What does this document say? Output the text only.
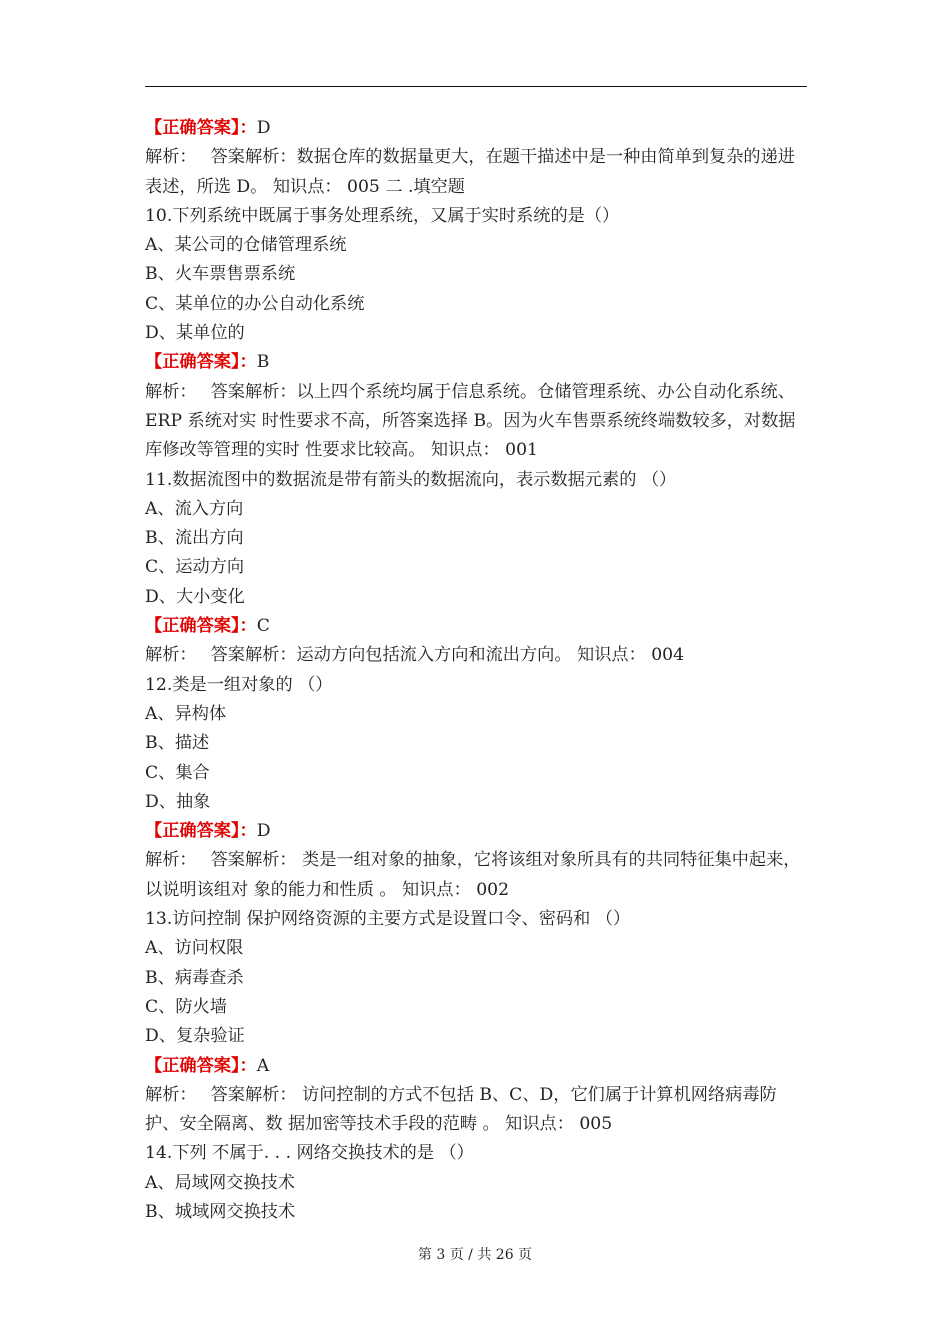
【正确答案】：D
解析：　 答案解析：数据仓库的数据量更大，在题干描述中是一种由简单到复杂的递进表述，所选 D。 知识点： 005 二 .填空题
10.下列系统中既属于事务处理系统，又属于实时系统的是（）
A、某公司的仓储管理系统
B、火车票售票系统
C、某单位的办公自动化系统
D、某单位的
【正确答案】：B
解析：　 答案解析：以上四个系统均属于信息系统。仓储管理系统、办公自动化系统、 ERP 系统对实 时性要求不高，所答案选择 B。因为火车售票系统终端数较多，对数据库修改等管理的实时 性要求比较高。 知识点： 001
11.数据流图中的数据流是带有箭头的数据流向，表示数据元素的 （）
A、流入方向
B、流出方向
C、运动方向
D、大小变化
【正确答案】：C
解析：　 答案解析：运动方向包括流入方向和流出方向。 知识点： 004
12.类是一组对象的 （）
A、异构体
B、描述
C、集合
D、抽象
【正确答案】：D
解析：　 答案解析： 类是一组对象的抽象，它将该组对象所具有的共同特征集中起来，以说明该组对 象的能力和性质 。 知识点： 002
13.访问控制 保护网络资源的主要方式是设置口令、密码和 （）
A、访问权限
B、病毒查杀
C、防火墙
D、复杂验证
【正确答案】：A
解析：　 答案解析： 访问控制的方式不包括 B、C、D，它们属于计算机网络病毒防护、安全隔离、数 据加密等技术手段的范畴 。 知识点： 005
14.下列 不属于. . . 网络交换技术的是 （）
A、局域网交换技术
B、城域网交换技术
第 3 页 / 共 26 页
